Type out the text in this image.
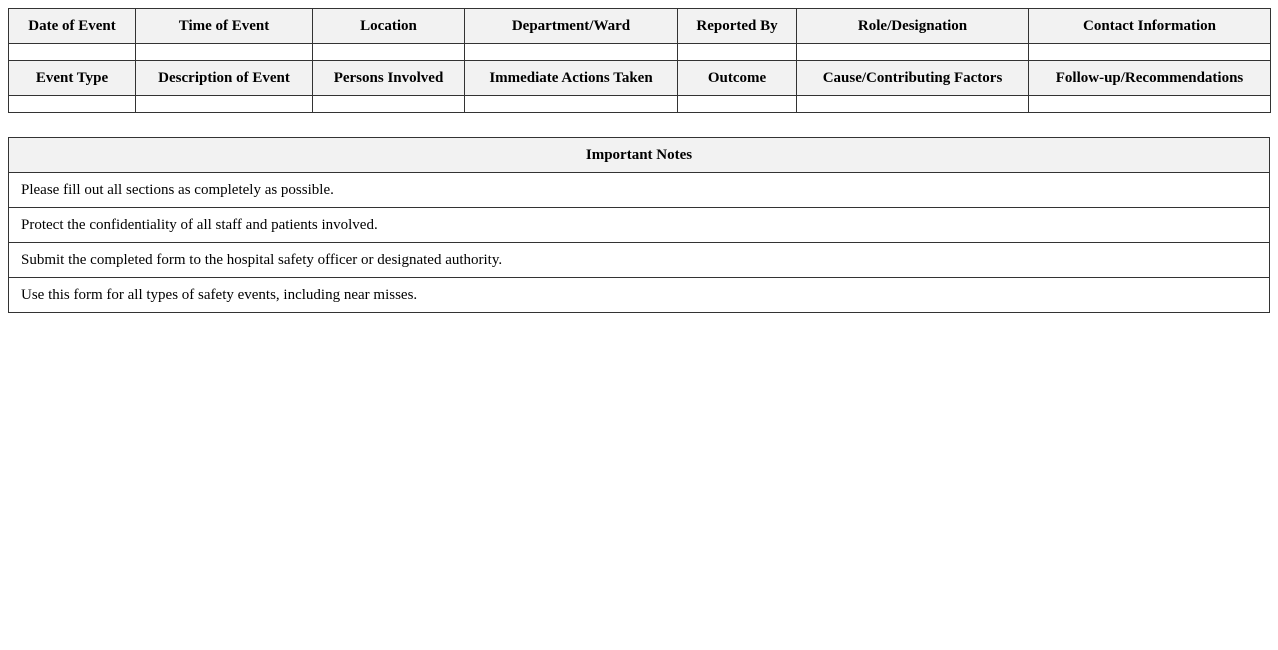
Date of Event	Time of Event	Location	Department/Ward	Reported By	Role/Designation	Contact Information

Event Type	Description of Event	Persons Involved	Immediate Actions Taken	Outcome	Cause/Contributing Factors	Follow-up/Recommendations

Important Notes
Please fill out all sections as completely as possible.
Protect the confidentiality of all staff and patients involved.
Submit the completed form to the hospital safety officer or designated authority.
Use this form for all types of safety events, including near misses.
